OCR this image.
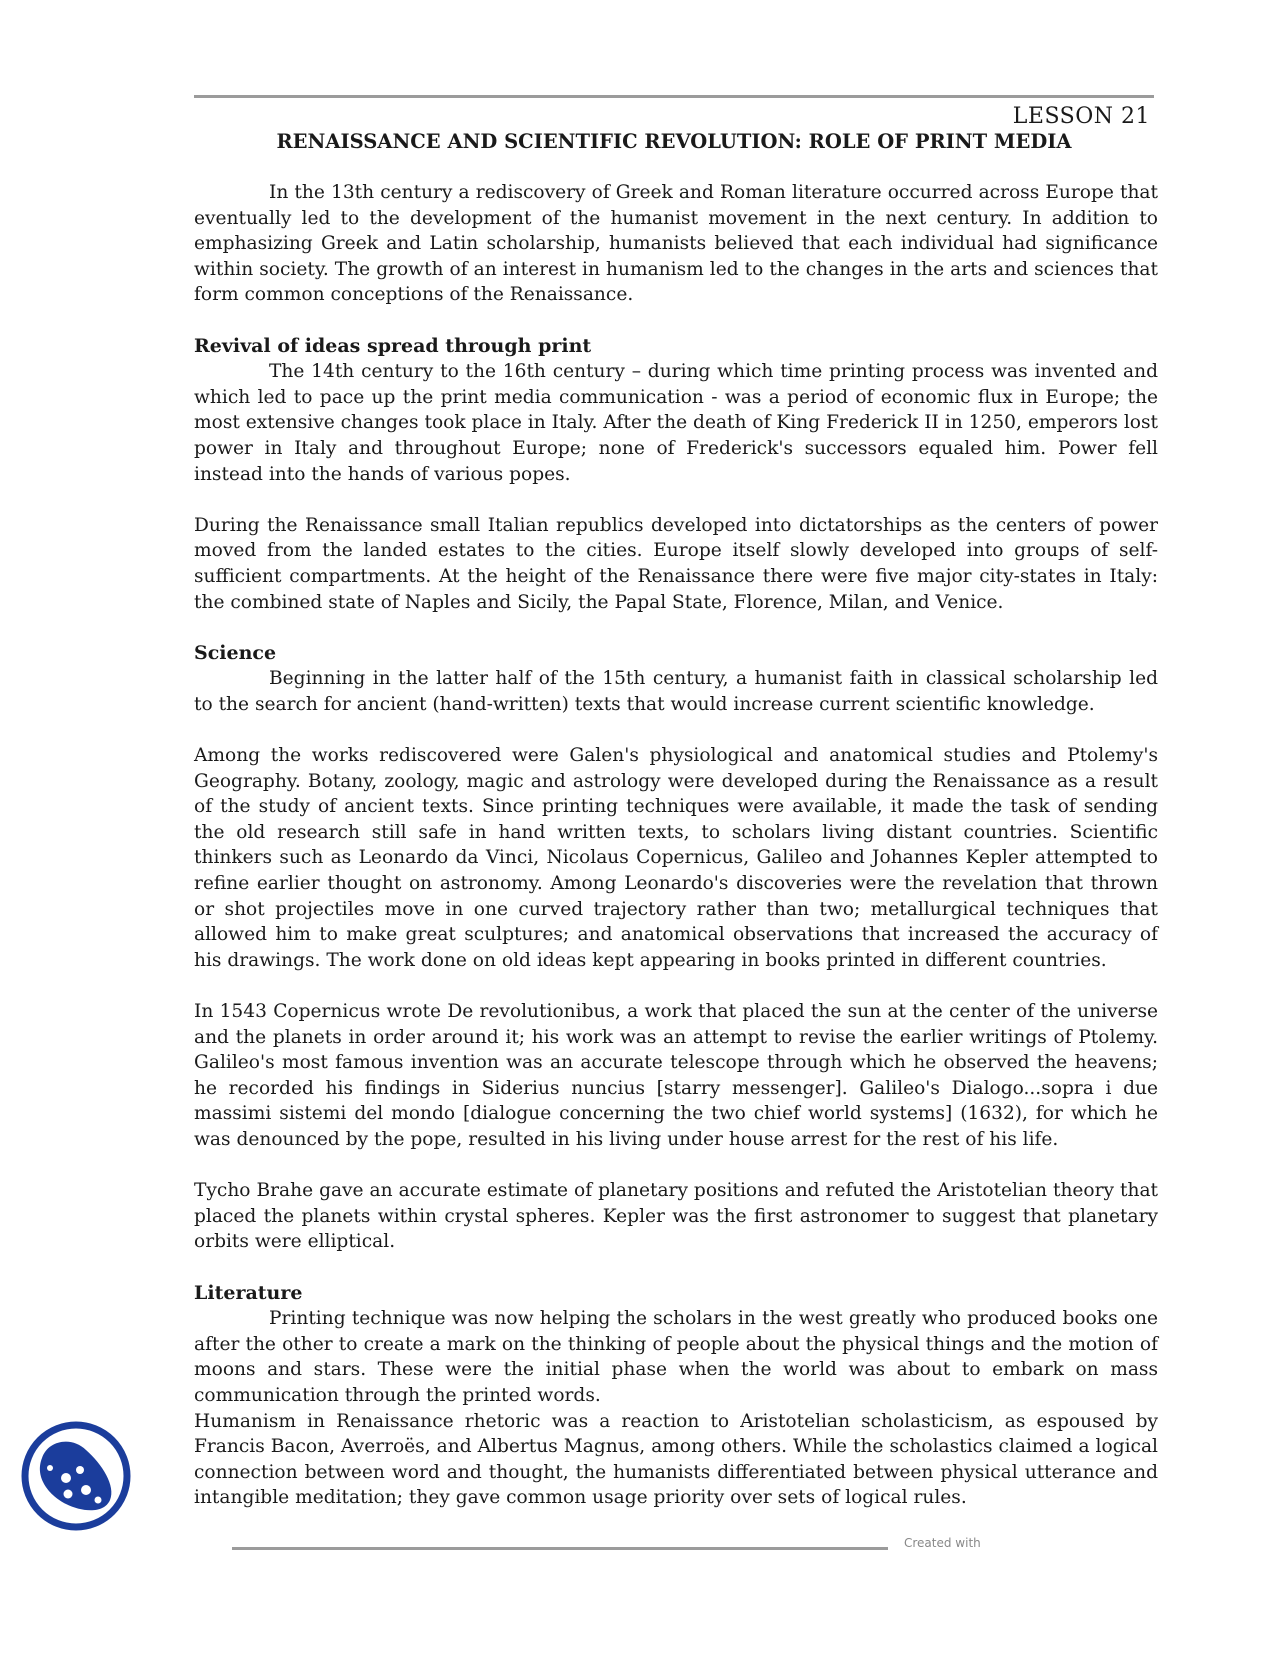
LESSON 21
RENAISSANCE AND SCIENTIFIC REVOLUTION: ROLE OF PRINT MEDIA

In the 13th century a rediscovery of Greek and Roman literature occurred across Europe that eventually led to the development of the humanist movement in the next century. In addition to emphasizing Greek and Latin scholarship, humanists believed that each individual had significance within society. The growth of an interest in humanism led to the changes in the arts and sciences that form common conceptions of the Renaissance.

Revival of ideas spread through print

The 14th century to the 16th century – during which time printing process was invented and which led to pace up the print media communication - was a period of economic flux in Europe; the most extensive changes took place in Italy. After the death of King Frederick II in 1250, emperors lost power in Italy and throughout Europe; none of Frederick's successors equaled him. Power fell instead into the hands of various popes.

During the Renaissance small Italian republics developed into dictatorships as the centers of power moved from the landed estates to the cities. Europe itself slowly developed into groups of self-sufficient compartments. At the height of the Renaissance there were five major city-states in Italy: the combined state of Naples and Sicily, the Papal State, Florence, Milan, and Venice.

Science

Beginning in the latter half of the 15th century, a humanist faith in classical scholarship led to the search for ancient (hand-written) texts that would increase current scientific knowledge.

Among the works rediscovered were Galen's physiological and anatomical studies and Ptolemy's Geography. Botany, zoology, magic and astrology were developed during the Renaissance as a result of the study of ancient texts. Since printing techniques were available, it made the task of sending the old research still safe in hand written texts, to scholars living distant countries. Scientific thinkers such as Leonardo da Vinci, Nicolaus Copernicus, Galileo and Johannes Kepler attempted to refine earlier thought on astronomy. Among Leonardo's discoveries were the revelation that thrown or shot projectiles move in one curved trajectory rather than two; metallurgical techniques that allowed him to make great sculptures; and anatomical observations that increased the accuracy of his drawings. The work done on old ideas kept appearing in books printed in different countries.

In 1543 Copernicus wrote De revolutionibus, a work that placed the sun at the center of the universe and the planets in order around it; his work was an attempt to revise the earlier writings of Ptolemy. Galileo's most famous invention was an accurate telescope through which he observed the heavens; he recorded his findings in Siderius nuncius [starry messenger]. Galileo's Dialogo...sopra i due massimi sistemi del mondo [dialogue concerning the two chief world systems] (1632), for which he was denounced by the pope, resulted in his living under house arrest for the rest of his life.

Tycho Brahe gave an accurate estimate of planetary positions and refuted the Aristotelian theory that placed the planets within crystal spheres. Kepler was the first astronomer to suggest that planetary orbits were elliptical.

Literature

Printing technique was now helping the scholars in the west greatly who produced books one after the other to create a mark on the thinking of people about the physical things and the motion of moons and stars. These were the initial phase when the world was about to embark on mass communication through the printed words.

Humanism in Renaissance rhetoric was a reaction to Aristotelian scholasticism, as espoused by Francis Bacon, Averroës, and Albertus Magnus, among others. While the scholastics claimed a logical connection between word and thought, the humanists differentiated between physical utterance and intangible meditation; they gave common usage priority over sets of logical rules.

Created with
